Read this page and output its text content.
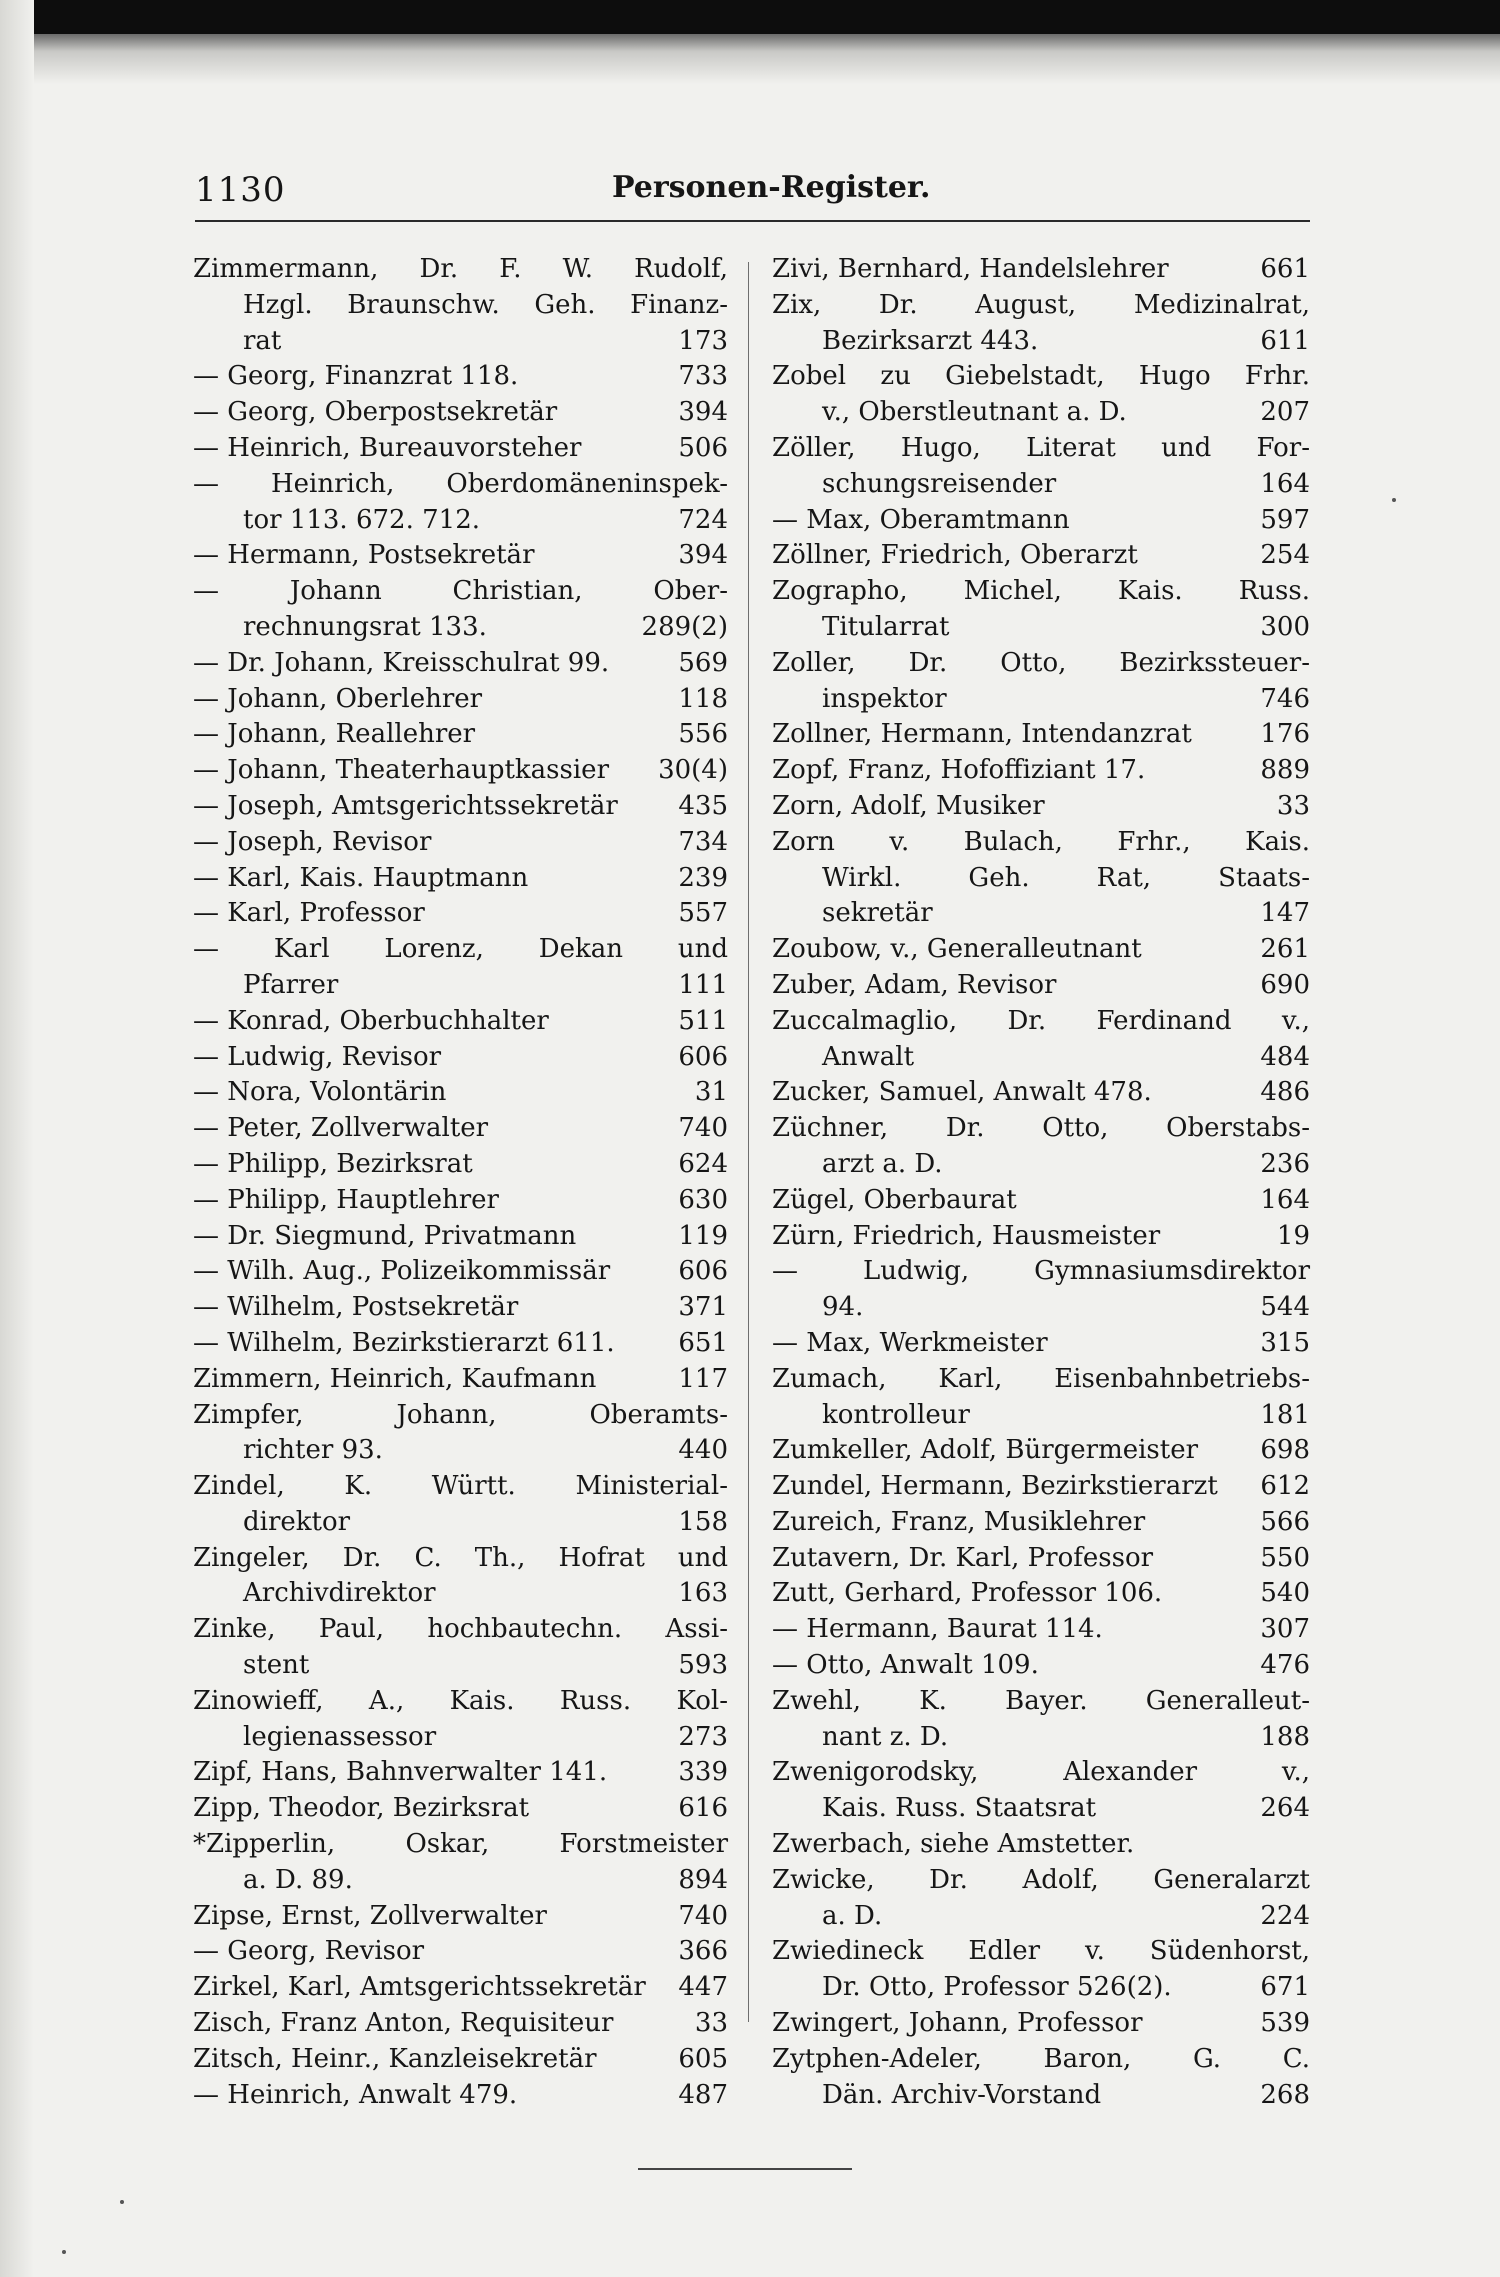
1130	Personen-Register.
Zimmermann, Dr. F. W. Rudolf,
Hzgl. Braunschw. Geh. Finanz-
rat	173
— Georg, Finanzrat 118.	733
— Georg, Oberpostsekretär	394
— Heinrich, Bureauvorsteher	506
— Heinrich, Oberdomäneninspek-
tor 113. 672. 712.	724
— Hermann, Postsekretär	394
— Johann Christian, Ober-
rechnungsrat 133.	289(2)
— Dr. Johann, Kreisschulrat 99.	569
— Johann, Oberlehrer	118
— Johann, Reallehrer	556
— Johann, Theaterhauptkassier	30(4)
— Joseph, Amtsgerichtssekretär	435
— Joseph, Revisor	734
— Karl, Kais. Hauptmann	239
— Karl, Professor	557
— Karl Lorenz, Dekan und
Pfarrer	111
— Konrad, Oberbuchhalter	511
— Ludwig, Revisor	606
— Nora, Volontärin	31
— Peter, Zollverwalter	740
— Philipp, Bezirksrat	624
— Philipp, Hauptlehrer	630
— Dr. Siegmund, Privatmann	119
— Wilh. Aug., Polizeikommissär	606
— Wilhelm, Postsekretär	371
— Wilhelm, Bezirkstierarzt 611.	651
Zimmern, Heinrich, Kaufmann	117
Zimpfer, Johann, Oberamts-
richter 93.	440
Zindel, K. Württ. Ministerial-
direktor	158
Zingeler, Dr. C. Th., Hofrat und
Archivdirektor	163
Zinke, Paul, hochbautechn. Assi-
stent	593
Zinowieff, A., Kais. Russ. Kol-
legienassessor	273
Zipf, Hans, Bahnverwalter 141.	339
Zipp, Theodor, Bezirksrat	616
*Zipperlin, Oskar, Forstmeister
a. D. 89.	894
Zipse, Ernst, Zollverwalter	740
— Georg, Revisor	366
Zirkel, Karl, Amtsgerichtssekretär	447
Zisch, Franz Anton, Requisiteur	33
Zitsch, Heinr., Kanzleisekretär	605
— Heinrich, Anwalt 479.	487
Zivi, Bernhard, Handelslehrer	661
Zix, Dr. August, Medizinalrat,
Bezirksarzt 443.	611
Zobel zu Giebelstadt, Hugo Frhr.
v., Oberstleutnant a. D.	207
Zöller, Hugo, Literat und For-
schungsreisender	164
— Max, Oberamtmann	597
Zöllner, Friedrich, Oberarzt	254
Zographo, Michel, Kais. Russ.
Titularrat	300
Zoller, Dr. Otto, Bezirkssteuer-
inspektor	746
Zollner, Hermann, Intendanzrat	176
Zopf, Franz, Hofoffiziant 17.	889
Zorn, Adolf, Musiker	33
Zorn v. Bulach, Frhr., Kais.
Wirkl. Geh. Rat, Staats-
sekretär	147
Zoubow, v., Generalleutnant	261
Zuber, Adam, Revisor	690
Zuccalmaglio, Dr. Ferdinand v.,
Anwalt	484
Zucker, Samuel, Anwalt 478.	486
Züchner, Dr. Otto, Oberstabs-
arzt a. D.	236
Zügel, Oberbaurat	164
Zürn, Friedrich, Hausmeister	19
— Ludwig, Gymnasiumsdirektor
94.	544
— Max, Werkmeister	315
Zumach, Karl, Eisenbahnbetriebs-
kontrolleur	181
Zumkeller, Adolf, Bürgermeister	698
Zundel, Hermann, Bezirkstierarzt	612
Zureich, Franz, Musiklehrer	566
Zutavern, Dr. Karl, Professor	550
Zutt, Gerhard, Professor 106.	540
— Hermann, Baurat 114.	307
— Otto, Anwalt 109.	476
Zwehl, K. Bayer. Generalleut-
nant z. D.	188
Zwenigorodsky, Alexander v.,
Kais. Russ. Staatsrat	264
Zwerbach, siehe Amstetter.
Zwicke, Dr. Adolf, Generalarzt
a. D.	224
Zwiedineck Edler v. Südenhorst,
Dr. Otto, Professor 526(2).	671
Zwingert, Johann, Professor	539
Zytphen-Adeler, Baron, G. C.
Dän. Archiv-Vorstand	268
